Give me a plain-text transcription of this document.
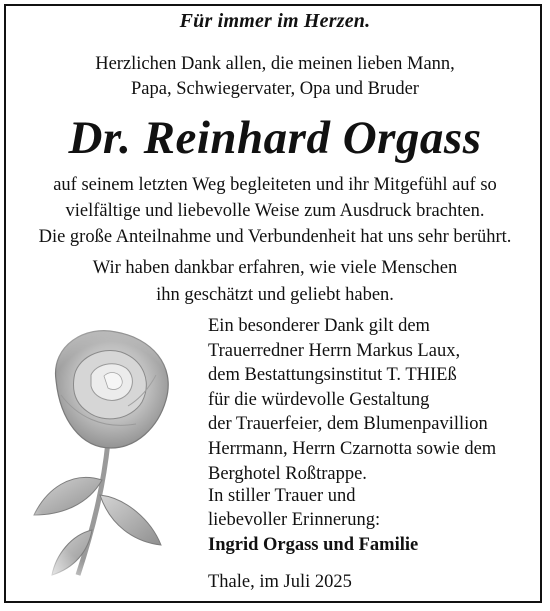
Für immer im Herzen.
Herzlichen Dank allen, die meinen lieben Mann,
Papa, Schwiegervater, Opa und Bruder
Dr. Reinhard Orgass
auf seinem letzten Weg begleiteten und ihr Mitgefühl auf so
vielfältige und liebevolle Weise zum Ausdruck brachten.
Die große Anteilnahme und Verbundenheit hat uns sehr berührt.
Wir haben dankbar erfahren, wie viele Menschen
ihn geschätzt und geliebt haben.
Ein besonderer Dank gilt dem
Trauerredner Herrn Markus Laux,
dem Bestattungsinstitut T. THIEß
für die würdevolle Gestaltung
der Trauerfeier, dem Blumenpavillion
Herrmann, Herrn Czarnotta sowie dem
Berghotel Roßtrappe.
In stiller Trauer und
liebevoller Erinnerung:
Ingrid Orgass und Familie
Thale, im Juli 2025
